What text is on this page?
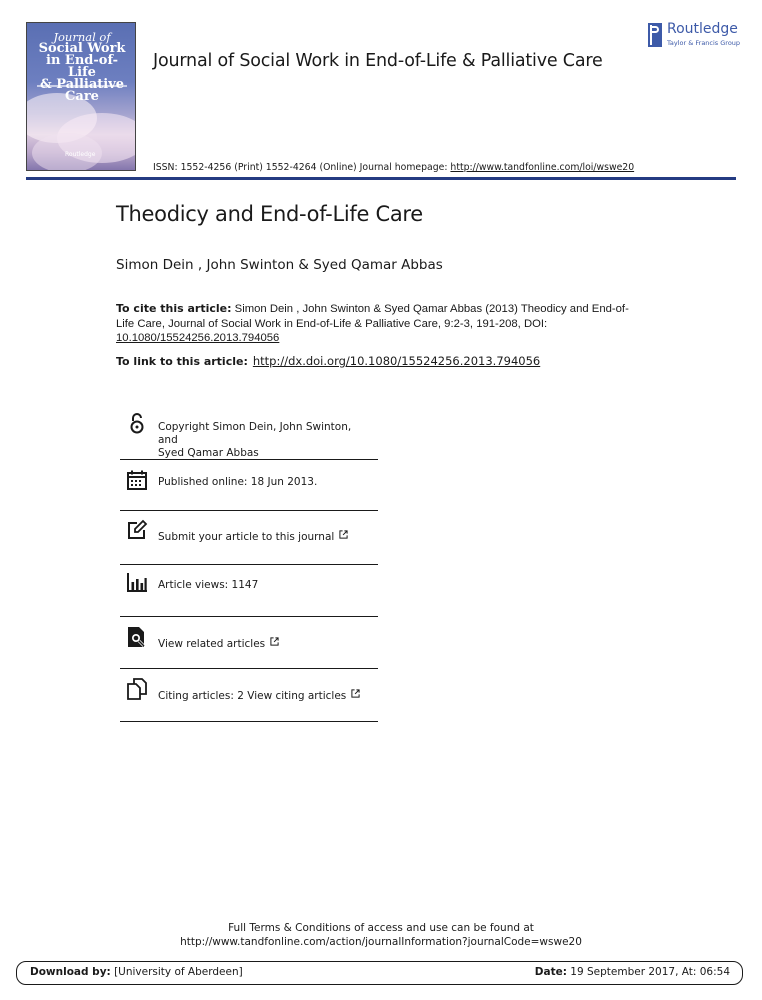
Journal of
Social Work
in End-of-Life
Care
Routledge
Journal of Social Work in End-of-Life & Palliative Care
Routledge
Taylor & Francis Group
ISSN: 1552-4256 (Print) 1552-4264 (Online) Journal homepage: http://www.tandfonline.com/loi/wswe20
Theodicy and End-of-Life Care
Simon Dein , John Swinton & Syed Qamar Abbas
To cite this article: Simon Dein , John Swinton & Syed Qamar Abbas (2013) Theodicy and End-of-Life Care, Journal of Social Work in End-of-Life & Palliative Care, 9:2-3, 191-208, DOI: 10.1080/15524256.2013.794056
To link to this article: http://dx.doi.org/10.1080/15524256.2013.794056
Copyright Simon Dein, John Swinton, and
Syed Qamar Abbas
Published online: 18 Jun 2013.
Submit your article to this journal
Article views: 1147
View related articles
Citing articles: 2 View citing articles
Full Terms & Conditions of access and use can be found at
http://www.tandfonline.com/action/journalInformation?journalCode=wswe20
Download by: [University of Aberdeen]	Date: 19 September 2017, At: 06:54
